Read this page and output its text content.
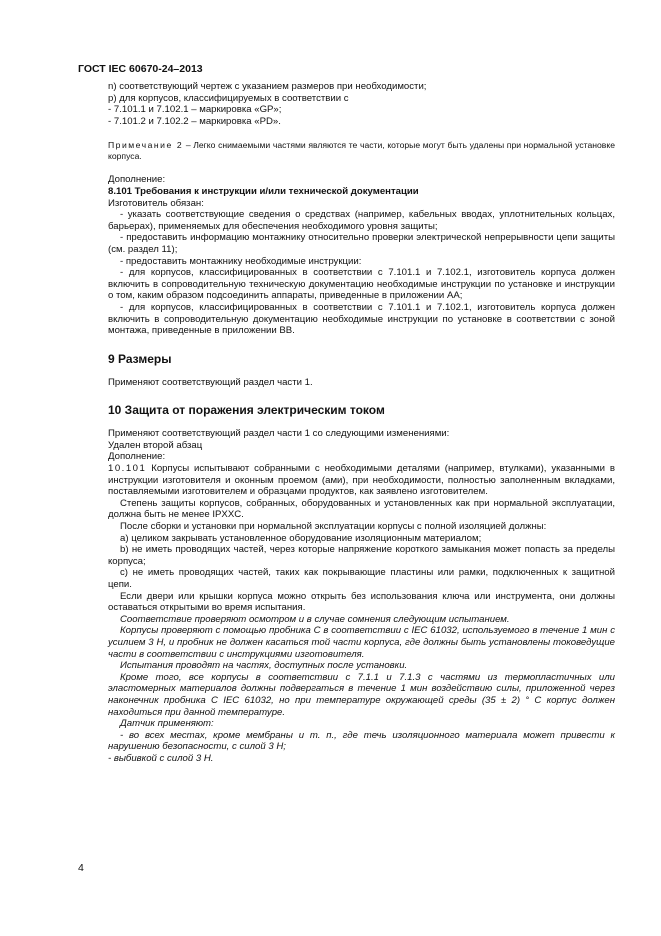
ГОСТ IEC 60670-24–2013

n) соответствующий чертеж с указанием размеров при необходимости;

p) для корпусов, классифицируемых в соответствии с

- 7.101.1 и 7.102.1 – маркировка «GP»;

- 7.101.2 и 7.102.2 – маркировка «PD».

Примечание 2 – Легко снимаемыми частями являются те части, которые могут быть удалены при нормальной установке корпуса.

Дополнение:

8.101 Требования к инструкции и/или технической документации

Изготовитель обязан:

- указать соответствующие сведения о средствах (например, кабельных вводах, уплотнительных кольцах, барьерах), применяемых для обеспечения необходимого уровня защиты;

- предоставить информацию монтажнику относительно проверки электрической непрерывности цепи защиты (см. раздел 11);

- предоставить монтажнику необходимые инструкции:

- для корпусов, классифицированных в соответствии с 7.101.1 и 7.102.1, изготовитель корпуса должен включить в сопроводительную техническую документацию необходимые инструкции по установке и инструкции о том, каким образом подсоединить аппараты, приведенные в приложении АА;

- для корпусов, классифицированных в соответствии с 7.101.1 и 7.102.1, изготовитель корпуса должен включить в сопроводительную документацию необходимые инструкции по установке в соответствии с зоной монтажа, приведенные в приложении BB.

9 Размеры

Применяют соответствующий раздел части 1.

10 Защита от поражения электрическим током

Применяют соответствующий раздел части 1 со следующими изменениями:

Удален второй абзац

Дополнение:

10.101 Корпусы испытывают собранными с необходимыми деталями (например, втулками), указанными в инструкции изготовителя и оконным проемом (ами), при необходимости, полностью заполненным вкладками, поставляемыми изготовителем и образцами продуктов, как заявлено изготовителем.

Степень защиты корпусов, собранных, оборудованных и установленных как при нормальной эксплуатации, должна быть не менее IPXXC.

После сборки и установки при нормальной эксплуатации корпусы с полной изоляцией должны:

а) целиком закрывать установленное оборудование изоляционным материалом;

b) не иметь проводящих частей, через которые напряжение короткого замыкания может попасть за пределы корпуса;

c) не иметь проводящих частей, таких как покрывающие пластины или рамки, подключенных к защитной цепи.

Если двери или крышки корпуса можно открыть без использования ключа или инструмента, они должны оставаться открытыми во время испытания.

Соответствие проверяют осмотром и в случае сомнения следующим испытанием.

Корпусы проверяют с помощью пробника C в соответствии с IEC 61032, используемого в течение 1 мин с усилием 3 Н, и пробник не должен касаться той части корпуса, где должны быть установлены токоведущие части в соответствии с инструкциями изготовителя.

Испытания проводят на частях, доступных после установки.

Кроме того, все корпусы в соответствии с 7.1.1 и 7.1.3 с частями из термопластичных или эластомерных материалов должны подвергаться в течение 1 мин воздействию силы, приложенной через наконечник пробника C IEC 61032, но при температуре окружающей среды (35 ± 2) ° С корпус должен находиться при данной температуре.

Датчик применяют:

- во всех местах, кроме мембраны и т. п., где течь изоляционного материала может привести к нарушению безопасности, с силой 3 Н;

- выбивкой с силой 3 Н.

4
